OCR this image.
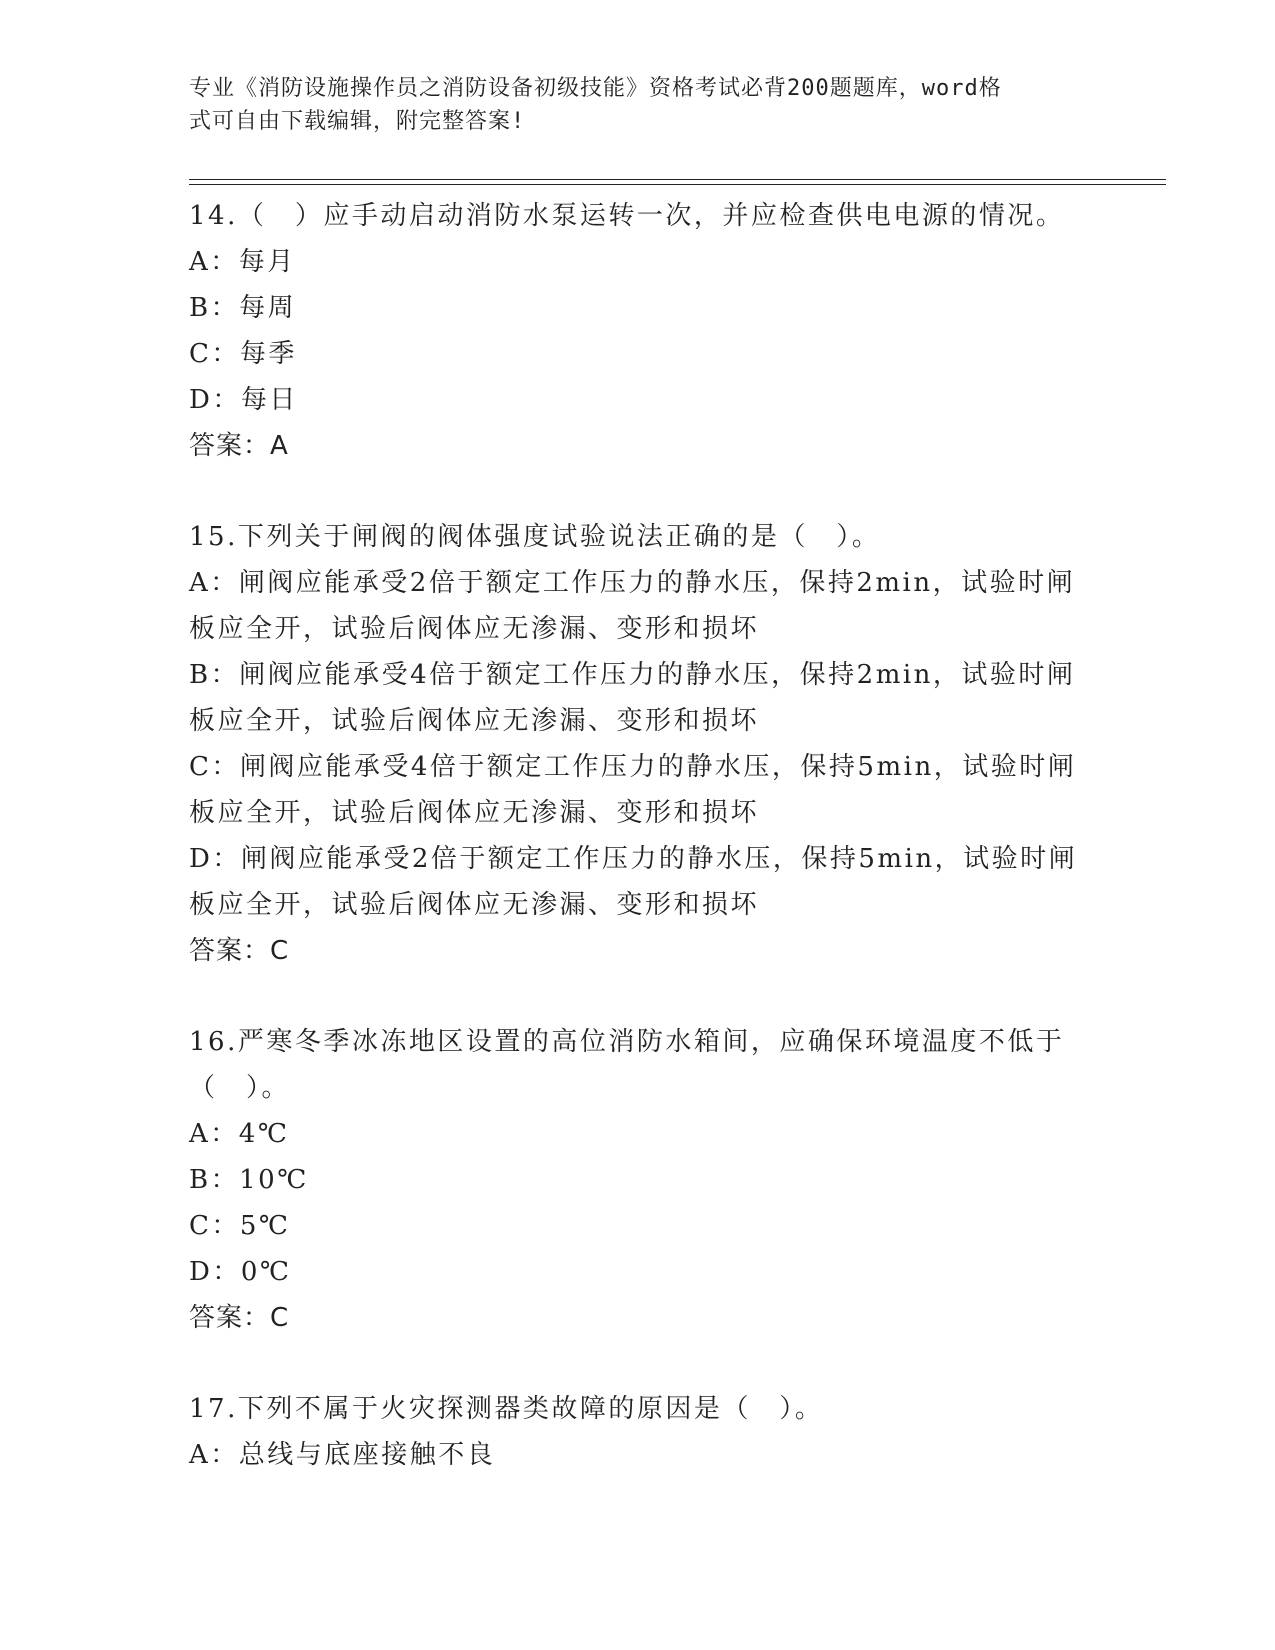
专业《消防设施操作员之消防设备初级技能》资格考试必背200题题库，word格
式可自由下载编辑，附完整答案!
14.（　）应手动启动消防水泵运转一次，并应检查供电电源的情况。
A：每月
B：每周
C：每季
D：每日
答案：A
15.下列关于闸阀的阀体强度试验说法正确的是（　）。
A：闸阀应能承受2倍于额定工作压力的静水压，保持2min，试验时闸
板应全开，试验后阀体应无渗漏、变形和损坏
B：闸阀应能承受4倍于额定工作压力的静水压，保持2min，试验时闸
板应全开，试验后阀体应无渗漏、变形和损坏
C：闸阀应能承受4倍于额定工作压力的静水压，保持5min，试验时闸
板应全开，试验后阀体应无渗漏、变形和损坏
D：闸阀应能承受2倍于额定工作压力的静水压，保持5min，试验时闸
板应全开，试验后阀体应无渗漏、变形和损坏
答案：C
16.严寒冬季冰冻地区设置的高位消防水箱间，应确保环境温度不低于
（　）。
A：4℃
B：10℃
C：5℃
D：0℃
答案：C
17.下列不属于火灾探测器类故障的原因是（　）。
A：总线与底座接触不良
